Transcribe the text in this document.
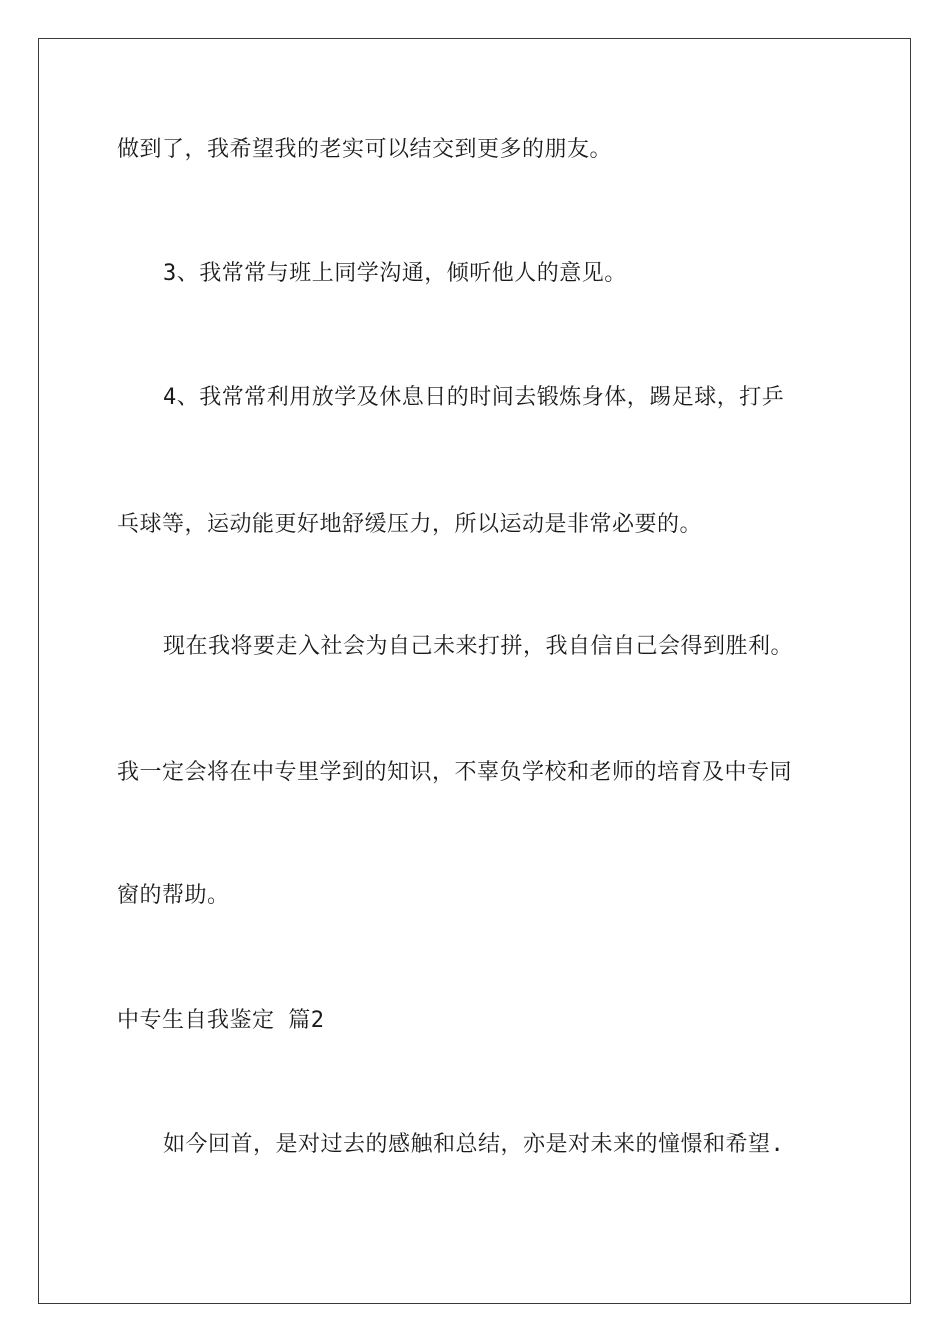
做到了，我希望我的老实可以结交到更多的朋友。
3、我常常与班上同学沟通，倾听他人的意见。
4、我常常利用放学及休息日的时间去锻炼身体，踢足球，打乒
乓球等，运动能更好地舒缓压力，所以运动是非常必要的。
现在我将要走入社会为自己未来打拼，我自信自己会得到胜利。
我一定会将在中专里学到的知识，不辜负学校和老师的培育及中专同
窗的帮助。
中专生自我鉴定 篇2
如今回首，是对过去的感触和总结，亦是对未来的憧憬和希望.
